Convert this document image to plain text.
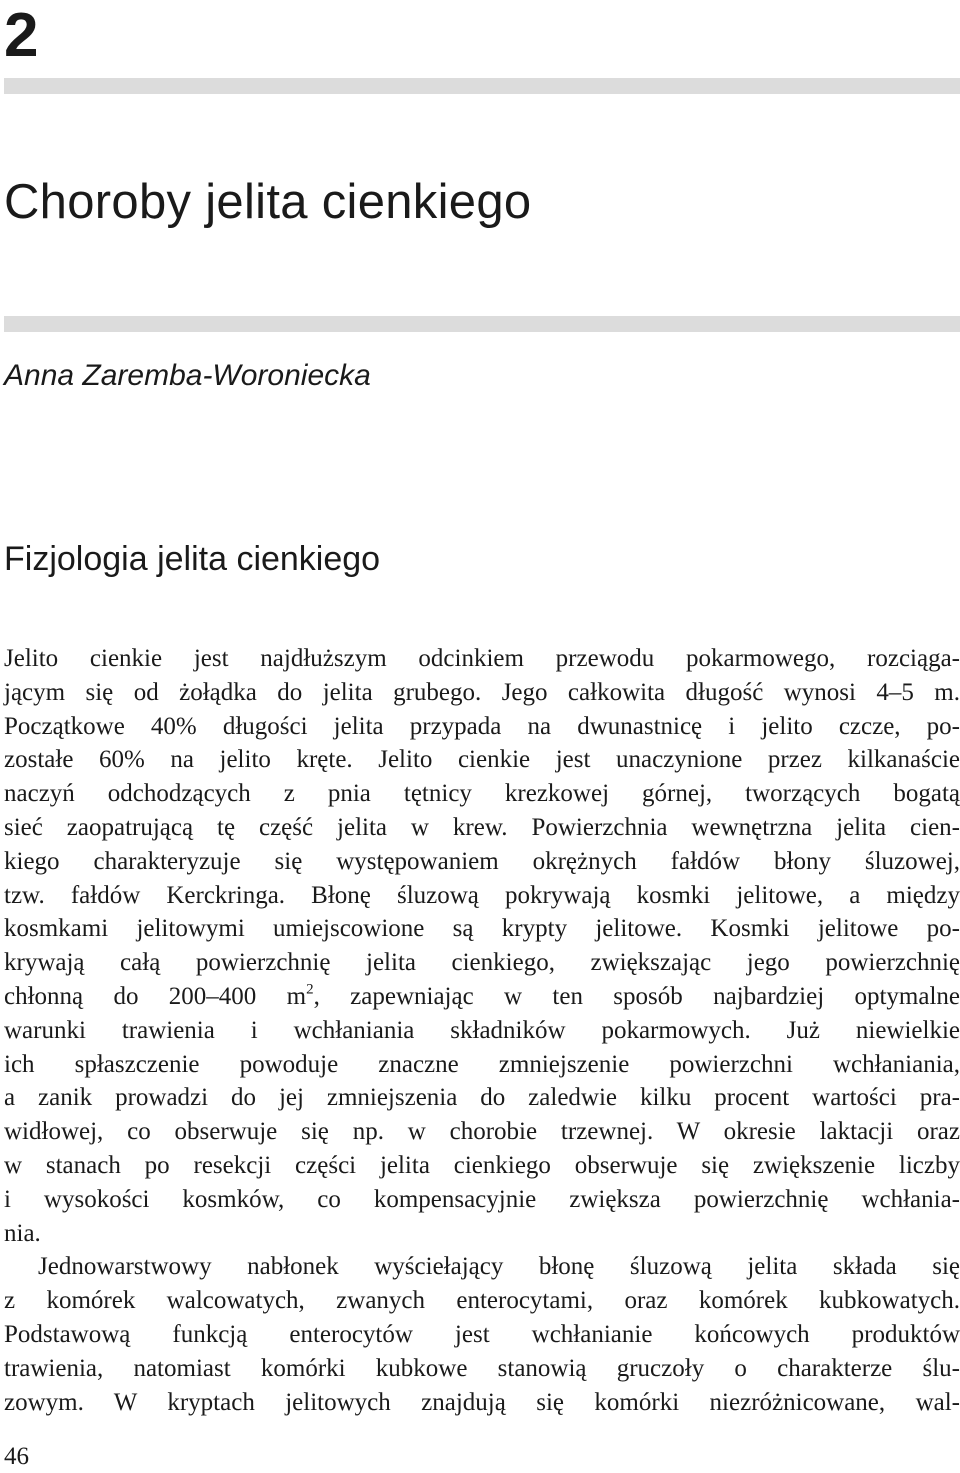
2
Choroby jelita cienkiego
Anna Zaremba-Woroniecka
Fizjologia jelita cienkiego
Jelito cienkie jest najdłuższym odcinkiem przewodu pokarmowego, rozciąga-
jącym się od żołądka do jelita grubego. Jego całkowita długość wynosi 4–5 m.
Początkowe 40% długości jelita przypada na dwunastnicę i jelito czcze, po-
zostałe 60% na jelito kręte. Jelito cienkie jest unaczynione przez kilkanaście
naczyń odchodzących z pnia tętnicy krezkowej górnej, tworzących bogatą
sieć zaopatrującą tę część jelita w krew. Powierzchnia wewnętrzna jelita cien-
kiego charakteryzuje się występowaniem okrężnych fałdów błony śluzowej,
tzw. fałdów Kerckringa. Błonę śluzową pokrywają kosmki jelitowe, a między
kosmkami jelitowymi umiejscowione są krypty jelitowe. Kosmki jelitowe po-
krywają całą powierzchnię jelita cienkiego, zwiększając jego powierzchnię
chłonną do 200–400 $m^2$, zapewniając w ten sposób najbardziej optymalne
warunki trawienia i wchłaniania składników pokarmowych. Już niewielkie
ich spłaszczenie powoduje znaczne zmniejszenie powierzchni wchłaniania,
a zanik prowadzi do jej zmniejszenia do zaledwie kilku procent wartości pra-
widłowej, co obserwuje się np. w chorobie trzewnej. W okresie laktacji oraz
w stanach po resekcji części jelita cienkiego obserwuje się zwiększenie liczby
i wysokości kosmków, co kompensacyjnie zwiększa powierzchnię wchłania-
nia.
Jednowarstwowy nabłonek wyściełający błonę śluzową jelita składa się
z komórek walcowatych, zwanych enterocytami, oraz komórek kubkowatych.
Podstawową funkcją enterocytów jest wchłanianie końcowych produktów
trawienia, natomiast komórki kubkowe stanowią gruczoły o charakterze ślu-
zowym. W kryptach jelitowych znajdują się komórki niezróżnicowane, wal-
46
